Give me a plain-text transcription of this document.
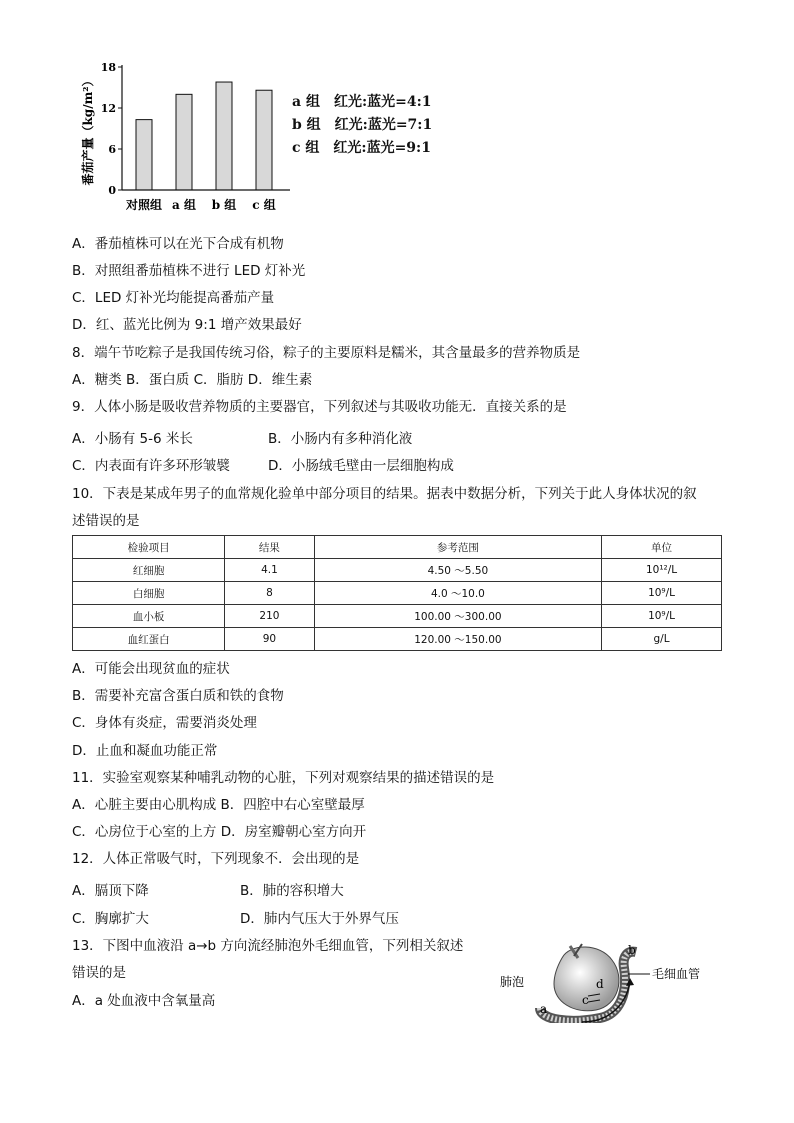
0
6
12
18
番茄产量（kg/m²）
对照组 a 组 b 组 c 组
a 组　红光:蓝光=4:1
b 组　红光:蓝光=7:1
c 组　红光:蓝光=9:1
A．番茄植株可以在光下合成有机物
B．对照组番茄植株不进行 LED 灯补光
C．LED 灯补光均能提高番茄产量
D．红、蓝光比例为 9:1 增产效果最好
8．端午节吃粽子是我国传统习俗，粽子的主要原料是糯米，其含量最多的营养物质是
A．糖类 B．蛋白质 C．脂肪 D．维生素
9．人体小肠是吸收营养物质的主要器官，下列叙述与其吸收功能无．直接关系的是
A．小肠有 5-6 米长	B．小肠内有多种消化液
C．内表面有许多环形皱襞	D．小肠绒毛壁由一层细胞构成
10．下表是某成年男子的血常规化验单中部分项目的结果。据表中数据分析，下列关于此人身体状况的叙
述错误的是
检验项目	结果	参考范围	单位
红细胞	4.1	4.50 ～5.50	10¹²/L
白细胞	8	4.0 ～10.0	10⁹/L
血小板	210	100.00 ～300.00	10⁹/L
血红蛋白	90	120.00 ～150.00	g/L
A．可能会出现贫血的症状
B．需要补充富含蛋白质和铁的食物
C．身体有炎症，需要消炎处理
D．止血和凝血功能正常
11．实验室观察某种哺乳动物的心脏，下列对观察结果的描述错误的是
A．心脏主要由心肌构成 B．四腔中右心室壁最厚
C．心房位于心室的上方 D．房室瓣朝心室方向开
12．人体正常吸气时，下列现象不．会出现的是
A．膈顶下降	B．肺的容积增大
C．胸廓扩大	D．肺内气压大于外界气压
13．下图中血液沿 a→b 方向流经肺泡外毛细血管，下列相关叙述
错误的是
A．a 处血液中含氧量高
肺泡
毛细血管
a
b
c
d
